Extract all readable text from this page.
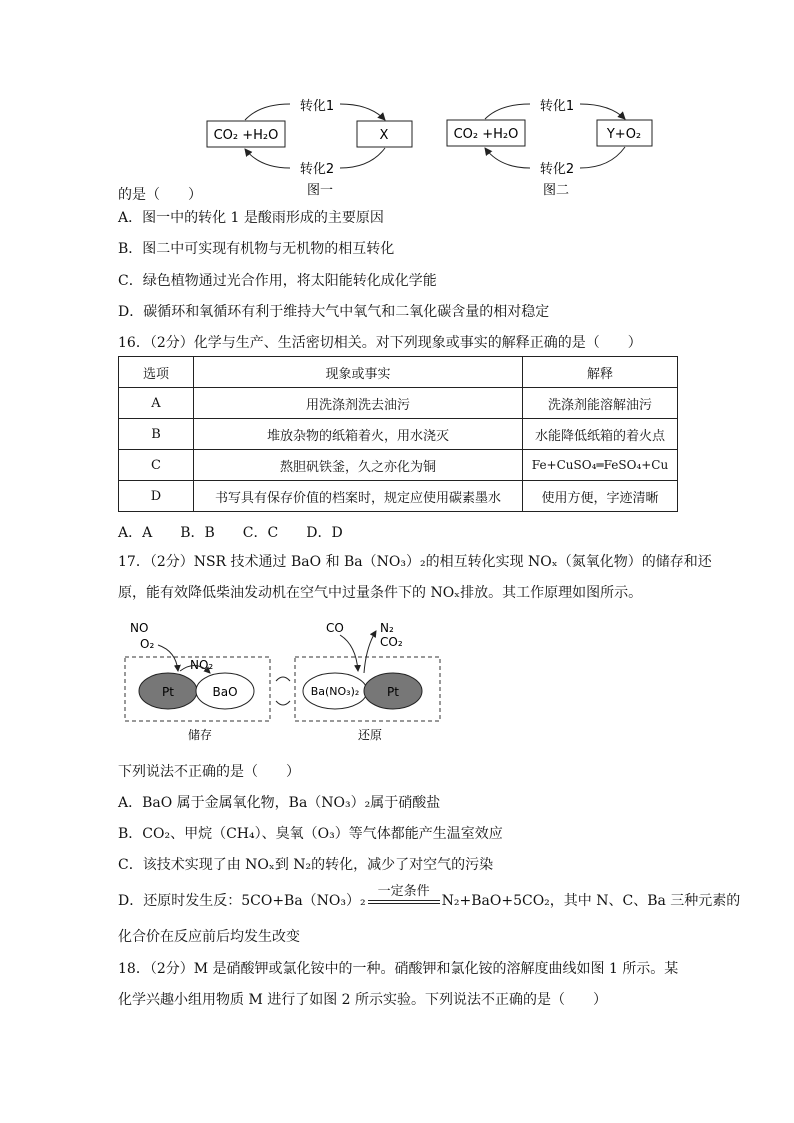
CO₂ +H₂O	X
转化1
转化2
图一
CO₂ +H₂O	Y+O₂
转化1
转化2
图二
的是（　　）
A．图一中的转化 1 是酸雨形成的主要原因
B．图二中可实现有机物与无机物的相互转化
C．绿色植物通过光合作用，将太阳能转化成化学能
D．碳循环和氧循环有利于维持大气中氧气和二氧化碳含量的相对稳定
16．（2分）化学与生产、生活密切相关。对下列现象或事实的解释正确的是（　　）
选项	现象或事实	解释
A	用洗涤剂洗去油污	洗涤剂能溶解油污
B	堆放杂物的纸箱着火，用水浇灭	水能降低纸箱的着火点
C	熬胆矾铁釜，久之亦化为铜	Fe+CuSO₄═FeSO₄+Cu
D	书写具有保存价值的档案时，规定应使用碳素墨水	使用方便，字迹清晰
A．A　　B．B　　C．C　　D．D
17．（2分）NSR 技术通过 BaO 和 Ba（NO₃）₂的相互转化实现 NOₓ（氮氧化物）的储存和还
原，能有效降低柴油发动机在空气中过量条件下的 NOₓ排放。其工作原理如图所示。
Pt	BaO
NO
O₂
NO₂
Ba(NO₃)₂ Pt
CO	N₂
CO₂
储存	还原
下列说法不正确的是（　　）
A．BaO 属于金属氧化物，Ba（NO₃）₂属于硝酸盐
B．CO₂、甲烷（CH₄）、臭氧（O₃）等气体都能产生温室效应
C．该技术实现了由 NOₓ到 N₂的转化，减少了对空气的污染
D．还原时发生反：5CO+Ba（NO₃）₂
一定条件
N₂+BaO+5CO₂，其中 N、C、Ba 三种元素的
化合价在反应前后均发生改变
18．（2分）M 是硝酸钾或氯化铵中的一种。硝酸钾和氯化铵的溶解度曲线如图 1 所示。某
化学兴趣小组用物质 M 进行了如图 2 所示实验。下列说法不正确的是（　　）
